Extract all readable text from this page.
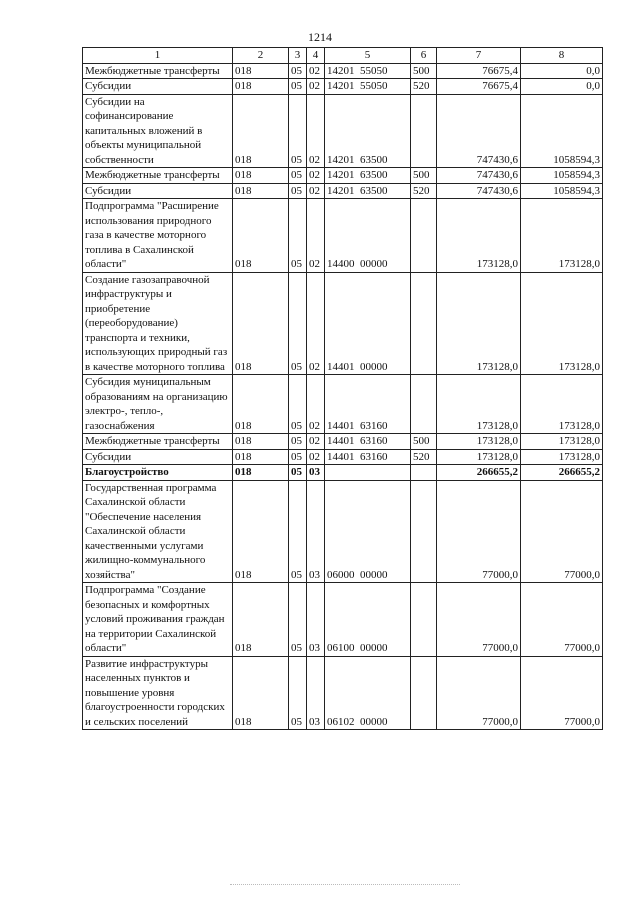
1214
1	2	3	4	5	6	7	8
Межбюджетные трансферты	018	05	02	14201  55050	500	76675,4	0,0
Субсидии	018	05	02	14201  55050	520	76675,4	0,0
Субсидии на софинансирование капитальных вложений в объекты муниципальной собственности	018	05	02	14201  63500		747430,6	1058594,3
Межбюджетные трансферты	018	05	02	14201  63500	500	747430,6	1058594,3
Субсидии	018	05	02	14201  63500	520	747430,6	1058594,3
Подпрограмма "Расширение использования природного газа в качестве моторного топлива в Сахалинской области"	018	05	02	14400  00000		173128,0	173128,0
Создание газозаправочной инфраструктуры и приобретение (переоборудование) транспорта и техники, использующих природный газ в качестве моторного топлива	018	05	02	14401  00000		173128,0	173128,0
Субсидия муниципальным образованиям на организацию электро-, тепло-, газоснабжения	018	05	02	14401  63160		173128,0	173128,0
Межбюджетные трансферты	018	05	02	14401  63160	500	173128,0	173128,0
Субсидии	018	05	02	14401  63160	520	173128,0	173128,0
Благоустройство	018	05	03			266655,2	266655,2
Государственная программа Сахалинской области "Обеспечение населения Сахалинской области качественными услугами жилищно-коммунального хозяйства"	018	05	03	06000  00000		77000,0	77000,0
Подпрограмма "Создание безопасных и комфортных условий проживания граждан на территории Сахалинской области"	018	05	03	06100  00000		77000,0	77000,0
Развитие инфраструктуры населенных пунктов и повышение уровня благоустроенности городских и сельских поселений	018	05	03	06102  00000		77000,0	77000,0
